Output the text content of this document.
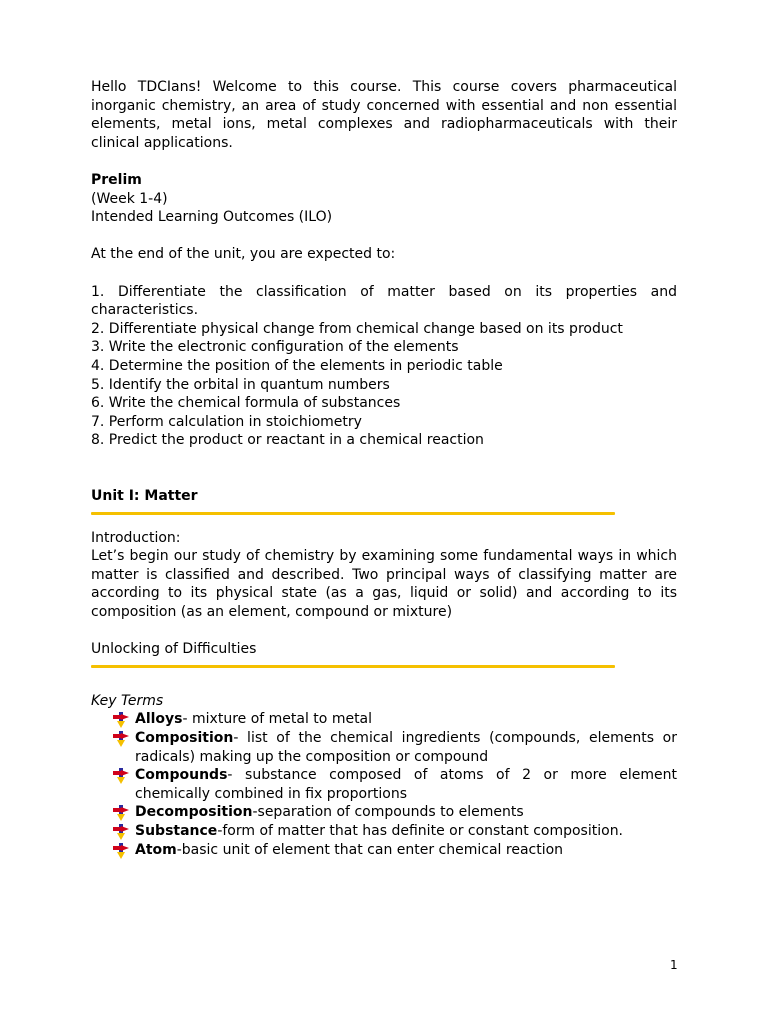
Hello TDCIans! Welcome to this course. This course covers pharmaceutical inorganic chemistry, an area of study concerned with essential and non essential elements, metal ions, metal complexes and radiopharmaceuticals with their clinical applications.

Prelim

(Week 1-4)

Intended Learning Outcomes (ILO)

At the end of the unit, you are expected to:

1. Differentiate the classification of matter based on its properties and characteristics.
2. Differentiate physical change from chemical change based on its product
3. Write the electronic configuration of the elements
4. Determine the position of the elements in periodic table
5. Identify the orbital in quantum numbers
6. Write the chemical formula of substances
7. Perform calculation in stoichiometry
8. Predict the product or reactant in a chemical reaction

Unit I: Matter

Introduction:

Let’s begin our study of chemistry by examining some fundamental ways in which matter is classified and described. Two principal ways of classifying matter are according to its physical state (as a gas, liquid or solid) and according to its composition (as an element, compound or mixture)

Unlocking of Difficulties

Key Terms

Alloys- mixture of metal to metal
Composition- list of the chemical ingredients (compounds, elements or radicals) making up the composition or compound
Compounds- substance composed of atoms of 2 or more element chemically combined in fix proportions
Decomposition-separation of compounds to elements
Substance-form of matter that has definite or constant composition.
Atom-basic unit of element that can enter chemical reaction
1
